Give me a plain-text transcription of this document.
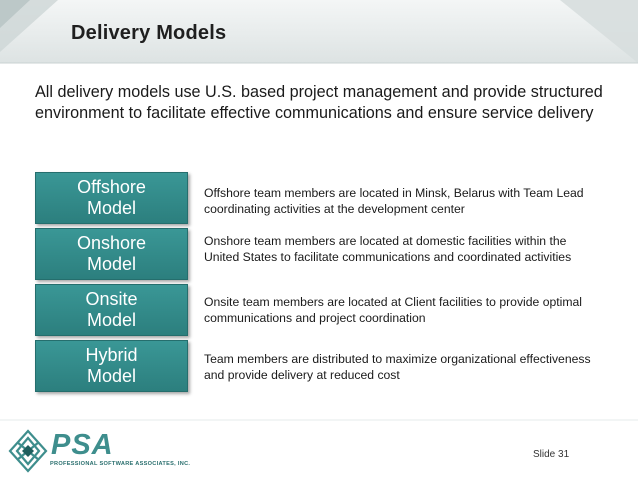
Delivery Models
All delivery models use U.S. based project management and provide structured environment to facilitate effective communications and ensure service delivery
Offshore
Model
Offshore team members are located in Minsk, Belarus with Team Lead coordinating activities at the development center
Onshore
Model
Onshore team members are located at domestic facilities within the United States to facilitate communications and coordinated activities
Onsite
Model
Onsite team members are located at Client facilities to provide optimal communications and project coordination
Hybrid
Model
Team members are distributed to maximize organizational effectiveness and provide delivery at reduced cost
PSA
PROFESSIONAL SOFTWARE ASSOCIATES, INC.
Slide 31
